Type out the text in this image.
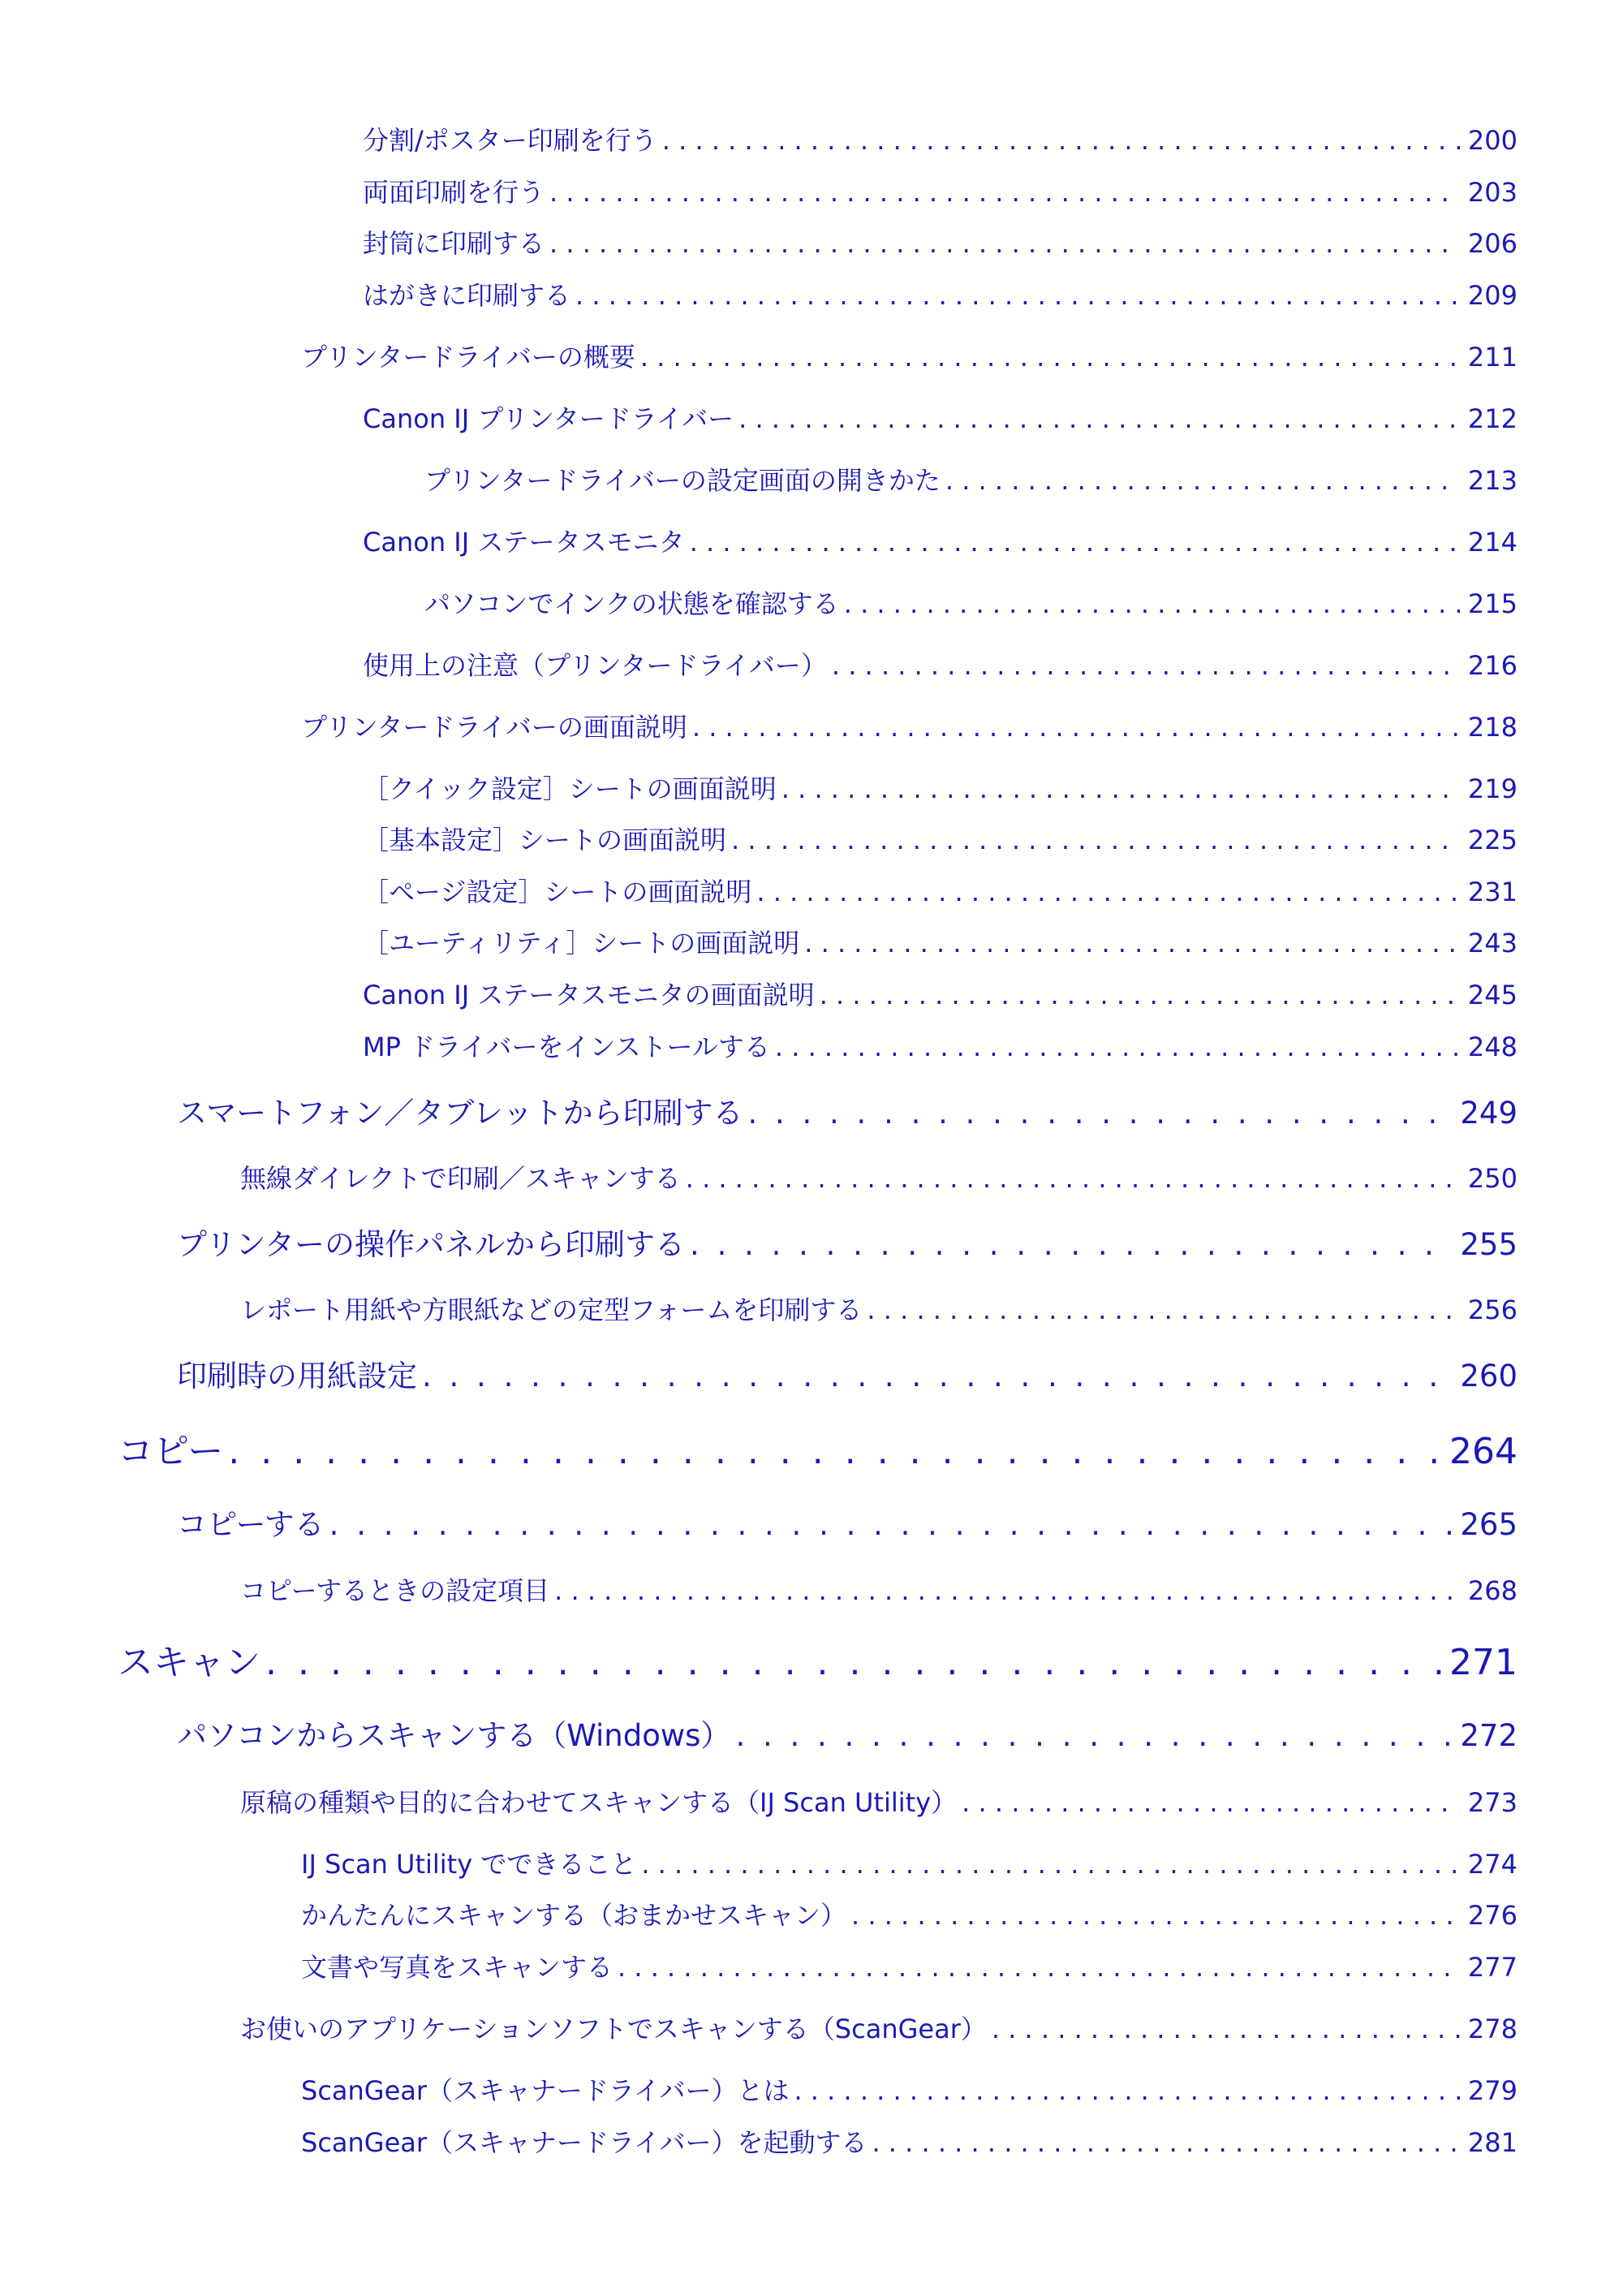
分割/ポスター印刷を行う . . .	200
両面印刷を行う . . .	203
封筒に印刷する . . .	206
はがきに印刷する . . .	209
プリンタードライバーの概要 . . .	211
Canon IJ プリンタードライバー . . .	212
プリンタードライバーの設定画面の開きかた . . .	213
Canon IJ ステータスモニタ . . .	214
パソコンでインクの状態を確認する . . .	215
使用上の注意（プリンタードライバー） . . .	216
プリンタードライバーの画面説明 . . .	218
［クイック設定］シートの画面説明 . . .	219
［基本設定］シートの画面説明 . . .	225
［ページ設定］シートの画面説明 . . .	231
［ユーティリティ］シートの画面説明 . . .	243
Canon IJ ステータスモニタの画面説明 . . .	245
MP ドライバーをインストールする . . .	248
スマートフォン／タブレットから印刷する . . .	249
無線ダイレクトで印刷／スキャンする . . .	250
プリンターの操作パネルから印刷する . . .	255
レポート用紙や方眼紙などの定型フォームを印刷する . . .	256
印刷時の用紙設定 . . .	260
コピー . . .	264
コピーする . . .	265
コピーするときの設定項目 . . .	268
スキャン . . .	271
パソコンからスキャンする（Windows） . . .	272
原稿の種類や目的に合わせてスキャンする（IJ Scan Utility） . . .	273
IJ Scan Utility でできること . . .	274
かんたんにスキャンする（おまかせスキャン） . . .	276
文書や写真をスキャンする . . .	277
お使いのアプリケーションソフトでスキャンする（ScanGear） . . .	278
ScanGear（スキャナードライバー）とは . . .	279
ScanGear（スキャナードライバー）を起動する . . .	281
